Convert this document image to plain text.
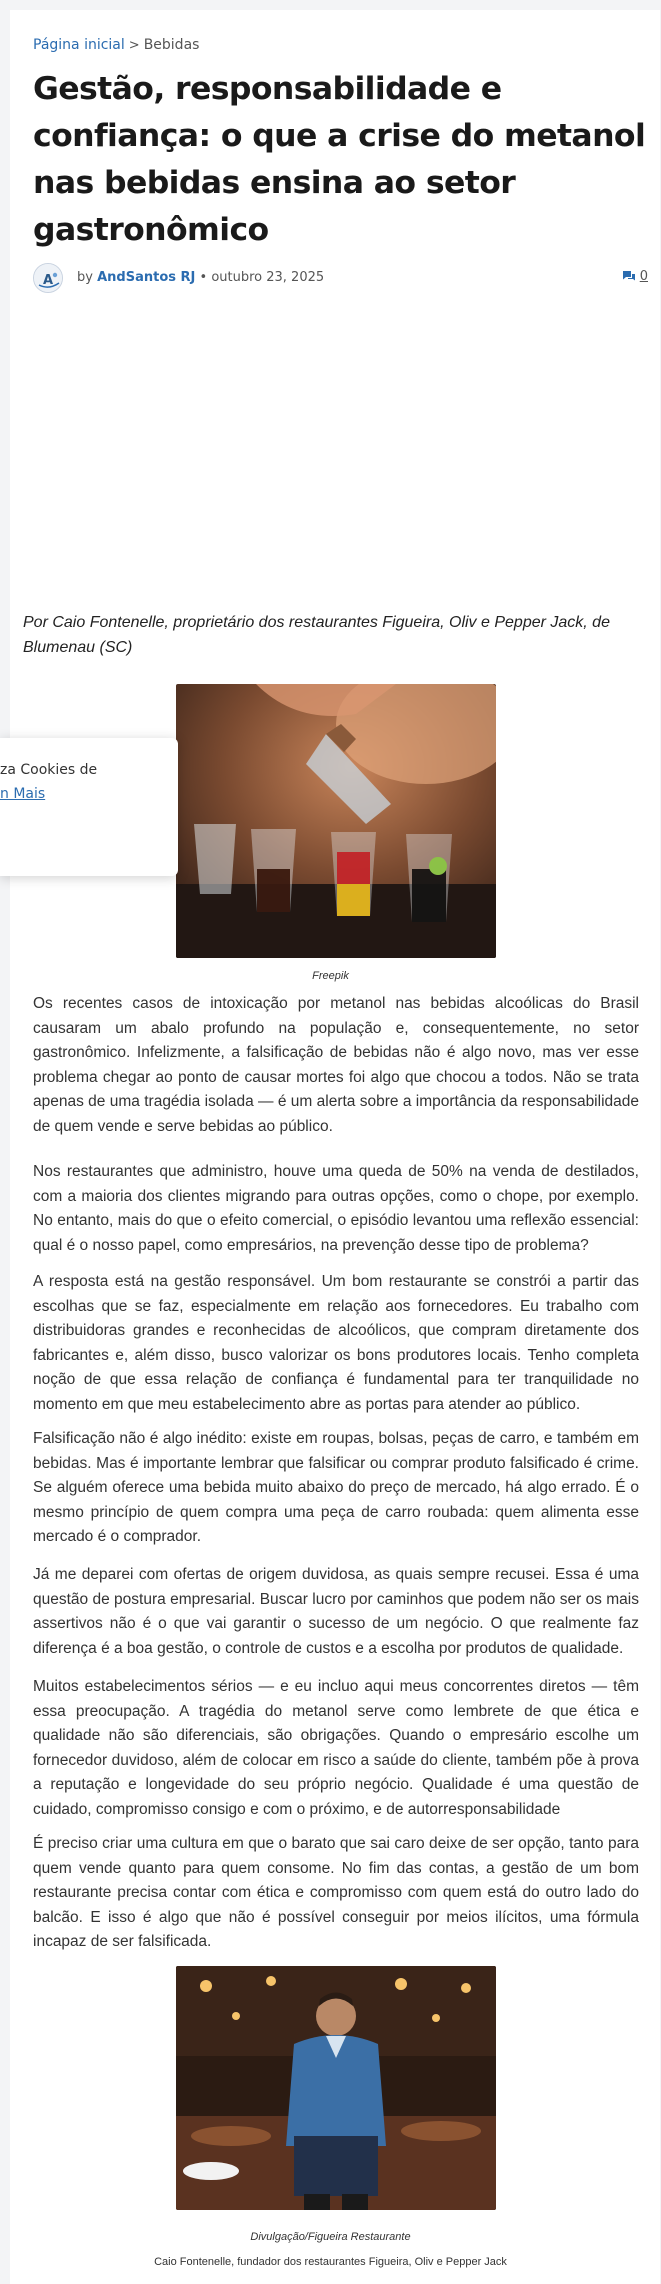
Página inicial > Bebidas
Gestão, responsabilidade e confiança: o que a crise do metanol nas bebidas ensina ao setor gastronômico
A by AndSantos RJ • outubro 23, 2025	0

Por Caio Fontenelle, proprietário dos restaurantes Figueira, Oliv e Pepper Jack, de Blumenau (SC)

Freepik

Os recentes casos de intoxicação por metanol nas bebidas alcoólicas do Brasil causaram um abalo profundo na população e, consequentemente, no setor gastronômico. Infelizmente, a falsificação de bebidas não é algo novo, mas ver esse problema chegar ao ponto de causar mortes foi algo que chocou a todos. Não se trata apenas de uma tragédia isolada — é um alerta sobre a importância da responsabilidade de quem vende e serve bebidas ao público.

Nos restaurantes que administro, houve uma queda de 50% na venda de destilados, com a maioria dos clientes migrando para outras opções, como o chope, por exemplo. No entanto, mais do que o efeito comercial, o episódio levantou uma reflexão essencial: qual é o nosso papel, como empresários, na prevenção desse tipo de problema?

A resposta está na gestão responsável. Um bom restaurante se constrói a partir das escolhas que se faz, especialmente em relação aos fornecedores. Eu trabalho com distribuidoras grandes e reconhecidas de alcoólicos, que compram diretamente dos fabricantes e, além disso, busco valorizar os bons produtores locais. Tenho completa noção de que essa relação de confiança é fundamental para ter tranquilidade no momento em que meu estabelecimento abre as portas para atender ao público.

Falsificação não é algo inédito: existe em roupas, bolsas, peças de carro, e também em bebidas. Mas é importante lembrar que falsificar ou comprar produto falsificado é crime. Se alguém oferece uma bebida muito abaixo do preço de mercado, há algo errado. É o mesmo princípio de quem compra uma peça de carro roubada: quem alimenta esse mercado é o comprador.

Já me deparei com ofertas de origem duvidosa, as quais sempre recusei. Essa é uma questão de postura empresarial. Buscar lucro por caminhos que podem não ser os mais assertivos não é o que vai garantir o sucesso de um negócio. O que realmente faz diferença é a boa gestão, o controle de custos e a escolha por produtos de qualidade.

Muitos estabelecimentos sérios — e eu incluo aqui meus concorrentes diretos — têm essa preocupação. A tragédia do metanol serve como lembrete de que ética e qualidade não são diferenciais, são obrigações. Quando o empresário escolhe um fornecedor duvidoso, além de colocar em risco a saúde do cliente, também põe à prova a reputação e longevidade do seu próprio negócio. Qualidade é uma questão de cuidado, compromisso consigo e com o próximo, e de autorresponsabilidade

É preciso criar uma cultura em que o barato que sai caro deixe de ser opção, tanto para quem vende quanto para quem consome. No fim das contas, a gestão de um bom restaurante precisa contar com ética e compromisso com quem está do outro lado do balcão. E isso é algo que não é possível conseguir por meios ilícitos, uma fórmula incapaz de ser falsificada.

Divulgação/Figueira Restaurante

Caio Fontenelle, fundador dos restaurantes Figueira, Oliv e Pepper Jack

za Cookies de
n Mais
